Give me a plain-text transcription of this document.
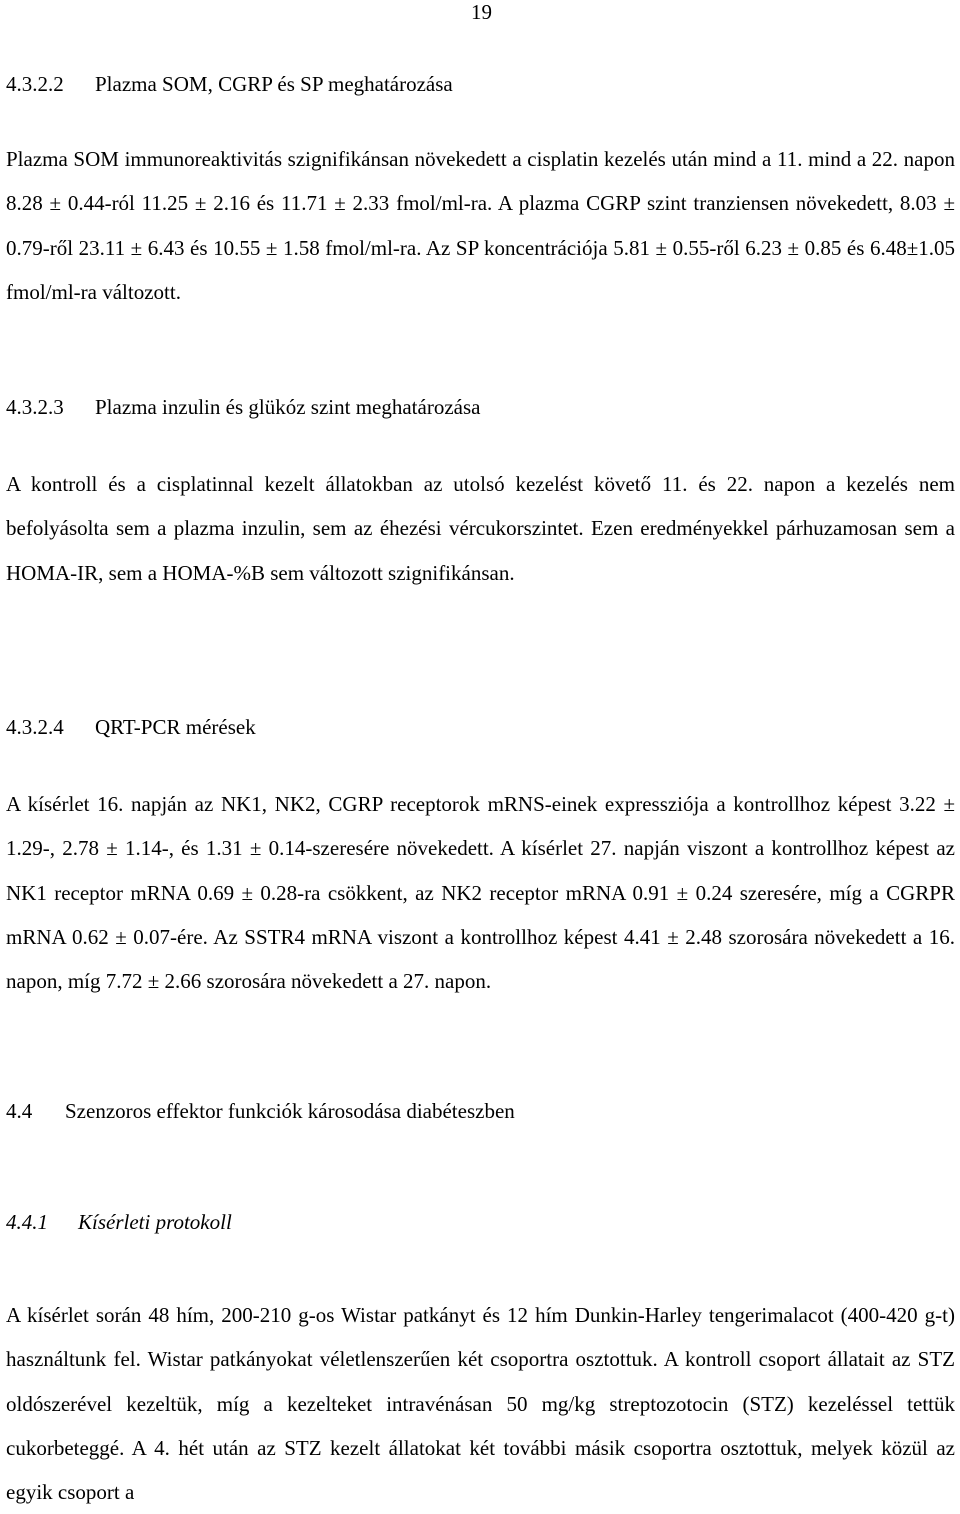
19
4.3.2.2 Plazma SOM, CGRP és SP meghatározása

Plazma SOM immunoreaktivitás szignifikánsan növekedett a cisplatin kezelés után mind a 11. mind a 22. napon 8.28 ± 0.44-ról 11.25 ± 2.16 és 11.71 ± 2.33 fmol/ml-ra. A plazma CGRP szint tranziensen növekedett, 8.03 ± 0.79-ről 23.11 ± 6.43 és 10.55 ± 1.58 fmol/ml-ra. Az SP koncentrációja 5.81 ± 0.55-ről 6.23 ± 0.85 és 6.48±1.05 fmol/ml-ra változott.

4.3.2.3 Plazma inzulin és glükóz szint meghatározása

A kontroll és a cisplatinnal kezelt állatokban az utolsó kezelést követő 11. és 22. napon a kezelés nem befolyásolta sem a plazma inzulin, sem az éhezési vércukorszintet. Ezen eredményekkel párhuzamosan sem a HOMA-IR, sem a HOMA-%B sem változott szignifikánsan.

4.3.2.4 QRT-PCR mérések

A kísérlet 16. napján az NK1, NK2, CGRP receptorok mRNS-einek expressziója a kontrollhoz képest 3.22 ± 1.29-, 2.78 ± 1.14-, és 1.31 ± 0.14-szeresére növekedett. A kísérlet 27. napján viszont a kontrollhoz képest az NK1 receptor mRNA 0.69 ± 0.28-ra csökkent, az NK2 receptor mRNA 0.91 ± 0.24 szeresére, míg a CGRPR mRNA 0.62 ± 0.07-ére. Az SSTR4 mRNA viszont a kontrollhoz képest 4.41 ± 2.48 szorosára növekedett a 16. napon, míg 7.72 ± 2.66 szorosára növekedett a 27. napon.

4.4 Szenzoros effektor funkciók károsodása diabéteszben
4.4.1 Kísérleti protokoll

A kísérlet során 48 hím, 200-210 g-os Wistar patkányt és 12 hím Dunkin-Harley tengerimalacot (400-420 g-t) használtunk fel. Wistar patkányokat véletlenszerűen két csoportra osztottuk. A kontroll csoport állatait az STZ oldószerével kezeltük, míg a kezelteket intravénásan 50 mg/kg streptozotocin (STZ) kezeléssel tettük cukorbeteggé. A 4. hét után az STZ kezelt állatokat két további másik csoportra osztottuk, melyek közül az egyik csoport a
